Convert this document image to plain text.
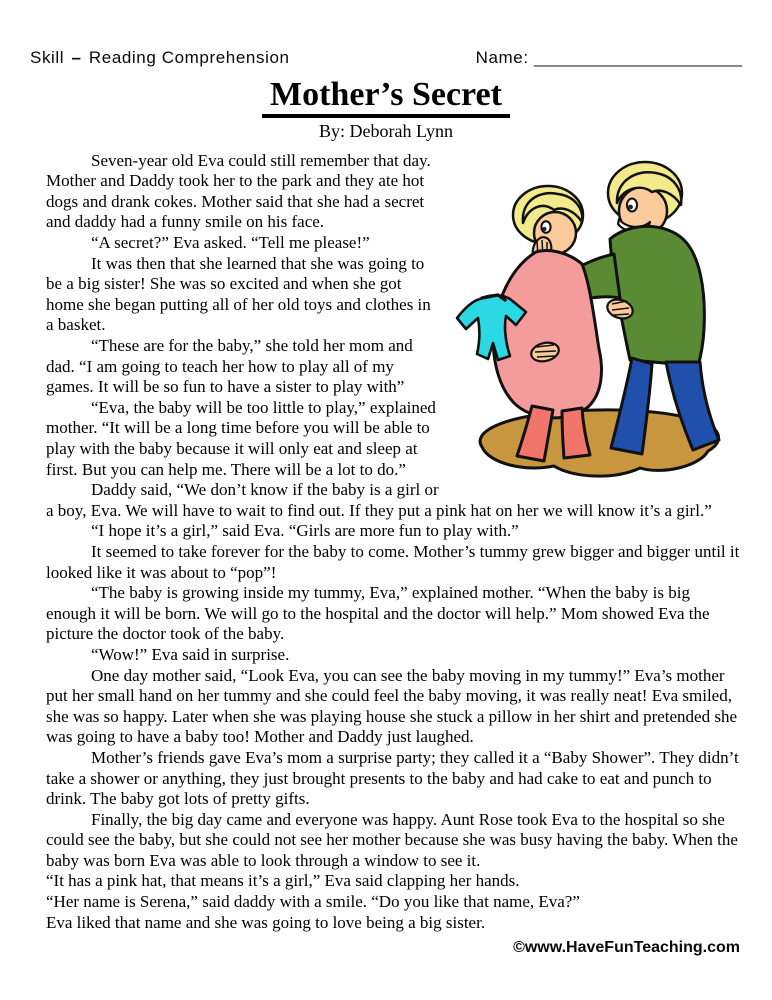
Skill – Reading Comprehension	Name: ______________________
Mother’s Secret
By: Deborah Lynn

Seven-year old Eva could still remember that day. Mother and Daddy took her to the park and they ate hot dogs and drank cokes. Mother said that she had a secret and daddy had a funny smile on his face.

“A secret?” Eva asked. “Tell me please!”

It was then that she learned that she was going to be a big sister! She was so excited and when she got home she began putting all of her old toys and clothes in a basket.

“These are for the baby,” she told her mom and dad. “I am going to teach her how to play all of my games. It will be so fun to have a sister to play with”

“Eva, the baby will be too little to play,” explained mother. “It will be a long time before you will be able to play with the baby because it will only eat and sleep at first. But you can help me. There will be a lot to do.”

Daddy said, “We don’t know if the baby is a girl or a boy, Eva. We will have to wait to find out. If they put a pink hat on her we will know it’s a girl.”

“I hope it’s a girl,” said Eva. “Girls are more fun to play with.”

It seemed to take forever for the baby to come. Mother’s tummy grew bigger and bigger until it looked like it was about to “pop”!

“The baby is growing inside my tummy, Eva,” explained mother. “When the baby is big enough it will be born. We will go to the hospital and the doctor will help.” Mom showed Eva the picture the doctor took of the baby.

“Wow!” Eva said in surprise.

One day mother said, “Look Eva, you can see the baby moving in my tummy!” Eva’s mother put her small hand on her tummy and she could feel the baby moving, it was really neat! Eva smiled, she was so happy. Later when she was playing house she stuck a pillow in her shirt and pretended she was going to have a baby too! Mother and Daddy just laughed.

Mother’s friends gave Eva’s mom a surprise party; they called it a “Baby Shower”. They didn’t take a shower or anything, they just brought presents to the baby and had cake to eat and punch to drink. The baby got lots of pretty gifts.

Finally, the big day came and everyone was happy. Aunt Rose took Eva to the hospital so she could see the baby, but she could not see her mother because she was busy having the baby. When the baby was born Eva was able to look through a window to see it.

“It has a pink hat, that means it’s a girl,” Eva said clapping her hands.

“Her name is Serena,” said daddy with a smile. “Do you like that name, Eva?”

Eva liked that name and she was going to love being a big sister.

©www.HaveFunTeaching.com
